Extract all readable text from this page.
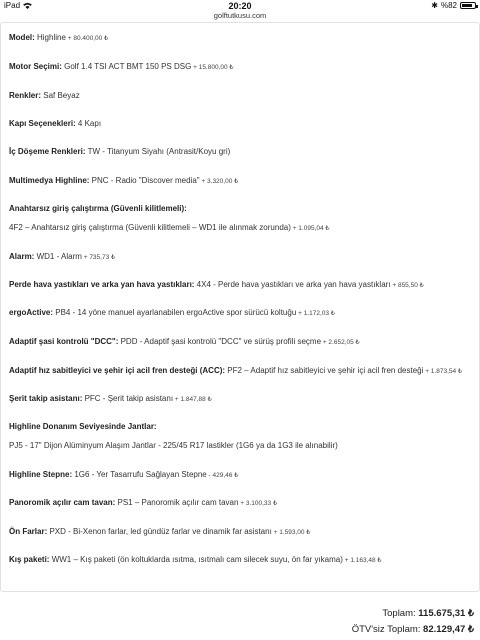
iPad	20:20	✱ %82
golftutkusu.com
Model: Highline + 80.400,00 ₺
Motor Seçimi: Golf 1.4 TSI ACT BMT 150 PS DSG + 15.800,00 ₺
Renkler: Saf Beyaz
Kapı Seçenekleri: 4 Kapı
İç Döşeme Renkleri: TW - Titanyum Siyahı (Antrasit/Koyu gri)
Multimedya Highline: PNC - Radio "Discover media" + 3.320,00 ₺
Anahtarsız giriş çalıştırma (Güvenli kilitlemeli):
4F2 – Anahtarsız giriş çalıştırma (Güvenli kilitlemeli – WD1 ile alınmak zorunda) + 1.095,04 ₺
Alarm: WD1 - Alarm + 735,73 ₺
Perde hava yastıkları ve arka yan hava yastıkları: 4X4 - Perde hava yastıkları ve arka yan hava yastıkları + 855,50 ₺
ergoActive: PB4 - 14 yöne manuel ayarlanabilen ergoActive spor sürücü koltuğu + 1.172,03 ₺
Adaptif şasi kontrolü "DCC": PDD - Adaptif şasi kontrolü "DCC" ve sürüş profili seçme + 2.652,05 ₺
Adaptif hız sabitleyici ve şehir içi acil fren desteği (ACC): PF2 – Adaptif hız sabitleyici ve şehir içi acil fren desteği + 1.873,54 ₺
Şerit takip asistanı: PFC - Şerit takip asistanı + 1.847,88 ₺
Highline Donanım Seviyesinde Jantlar:
PJ5 - 17" Dijon Alüminyum Alaşım Jantlar - 225/45 R17 lastikler (1G6 ya da 1G3 ile alınabilir)
Highline Stepne: 1G6 - Yer Tasarrufu Sağlayan Stepne - 429,46 ₺
Panoromik açılır cam tavan: PS1 – Panoromik açılır cam tavan + 3.100,33 ₺
Ön Farlar: PXD - Bi-Xenon farlar, led gündüz farlar ve dinamik far asistanı + 1.593,00 ₺
Kış paketi: WW1 – Kış paketi (ön koltuklarda ısıtma, ısıtmalı cam silecek suyu, ön far yıkama) + 1.163,48 ₺
Toplam: 115.675,31 ₺
ÖTV'siz Toplam: 82.129,47 ₺
